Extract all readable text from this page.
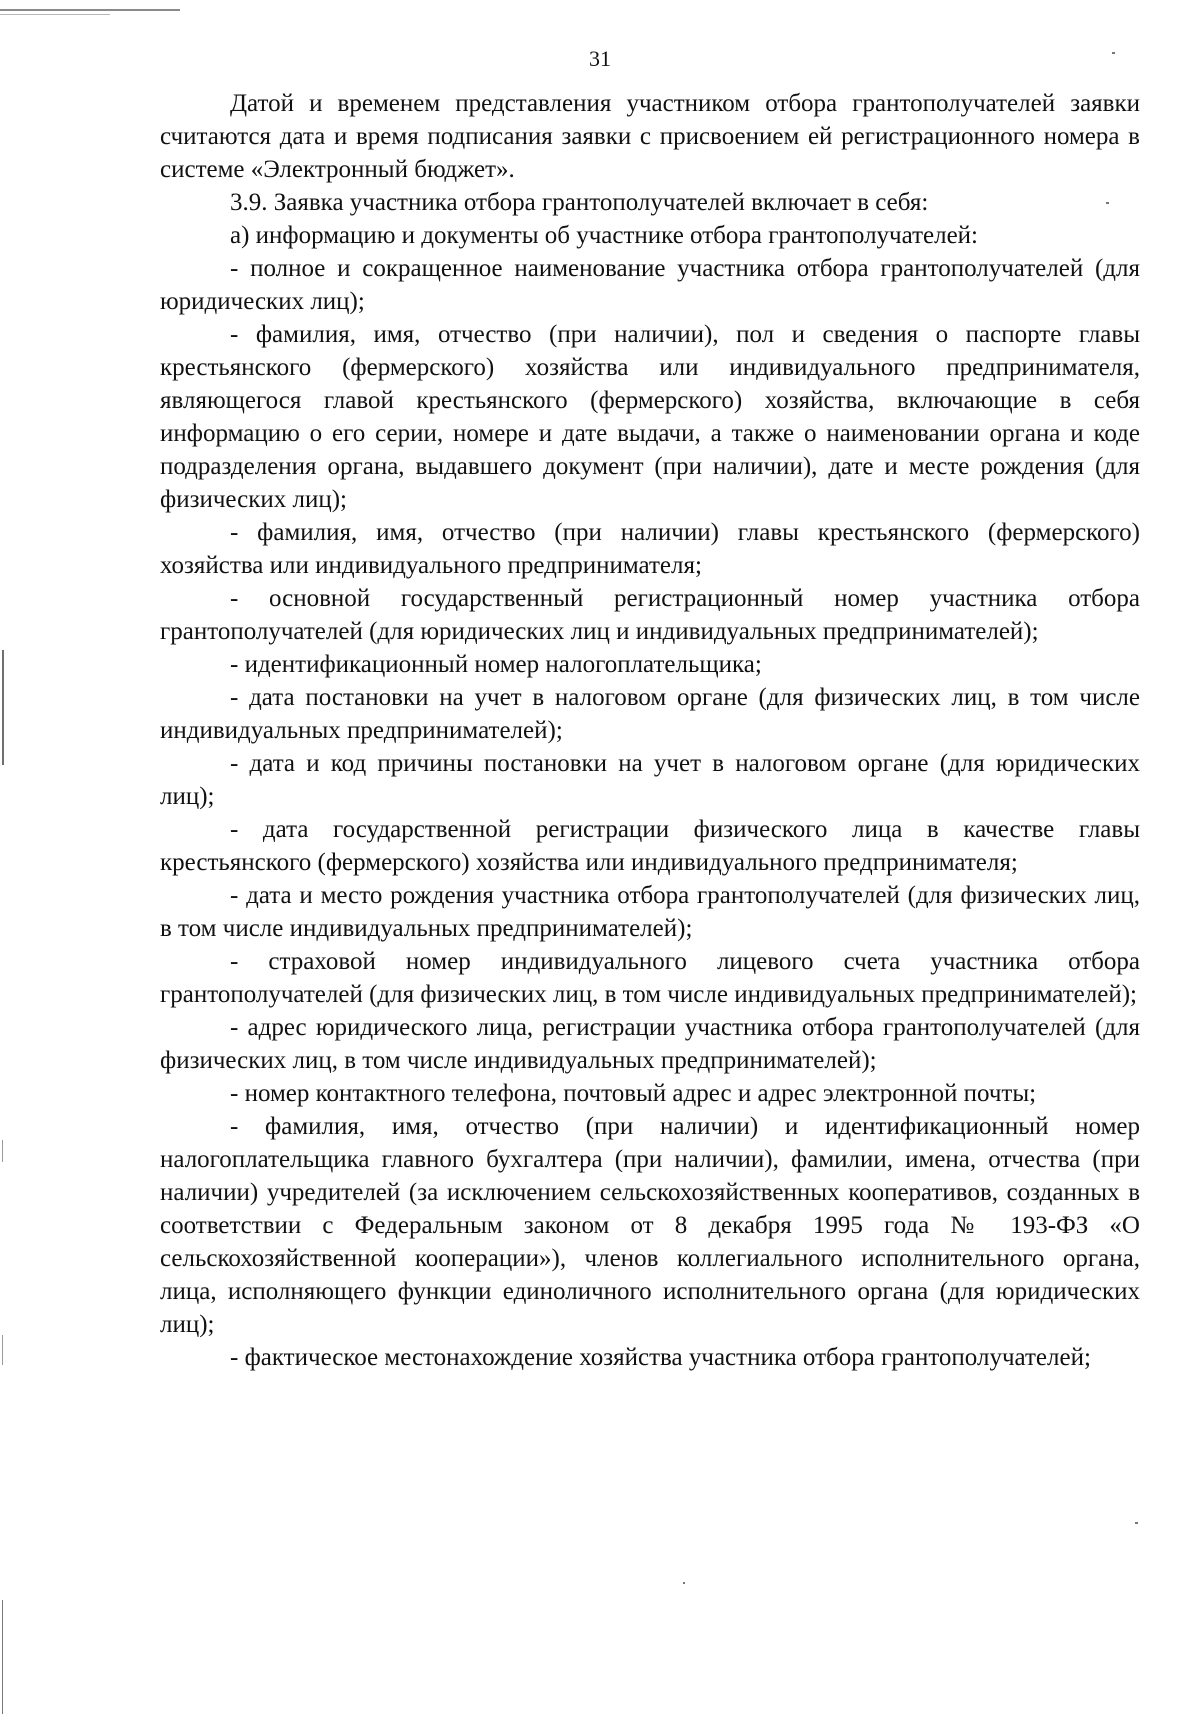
31

Датой и временем представления участником отбора грантополучателей заявки считаются дата и время подписания заявки с присвоением ей регистрационного номера в системе «Электронный бюджет».

3.9. Заявка участника отбора грантополучателей включает в себя:

а) информацию и документы об участнике отбора грантополучателей:

- полное и сокращенное наименование участника отбора грантополучателей (для юридических лиц);

- фамилия, имя, отчество (при наличии), пол и сведения о паспорте главы крестьянского (фермерского) хозяйства или индивидуального предпринимателя, являющегося главой крестьянского (фермерского) хозяйства, включающие в себя информацию о его серии, номере и дате выдачи, а также о наименовании органа и коде подразделения органа, выдавшего документ (при наличии), дате и месте рождения (для физических лиц);

- фамилия, имя, отчество (при наличии) главы крестьянского (фермерского) хозяйства или индивидуального предпринимателя;

- основной государственный регистрационный номер участника отбора грантополучателей (для юридических лиц и индивидуальных предпринимателей);

- идентификационный номер налогоплательщика;

- дата постановки на учет в налоговом органе (для физических лиц, в том числе индивидуальных предпринимателей);

- дата и код причины постановки на учет в налоговом органе (для юридических лиц);

- дата государственной регистрации физического лица в качестве главы крестьянского (фермерского) хозяйства или индивидуального предпринимателя;

- дата и место рождения участника отбора грантополучателей (для физических лиц, в том числе индивидуальных предпринимателей);

- страховой номер индивидуального лицевого счета участника отбора грантополучателей (для физических лиц, в том числе индивидуальных предпринимателей);

- адрес юридического лица, регистрации участника отбора грантополучателей (для физических лиц, в том числе индивидуальных предпринимателей);

- номер контактного телефона, почтовый адрес и адрес электронной почты;

- фамилия, имя, отчество (при наличии) и идентификационный номер налогоплательщика главного бухгалтера (при наличии), фамилии, имена, отчества (при наличии) учредителей (за исключением сельскохозяйственных кооперативов, созданных в соответствии с Федеральным законом от 8 декабря 1995 года № 193-ФЗ «О сельскохозяйственной кооперации»), членов коллегиального исполнительного органа, лица, исполняющего функции единоличного исполнительного органа (для юридических лиц);

- фактическое местонахождение хозяйства участника отбора грантополучателей;
